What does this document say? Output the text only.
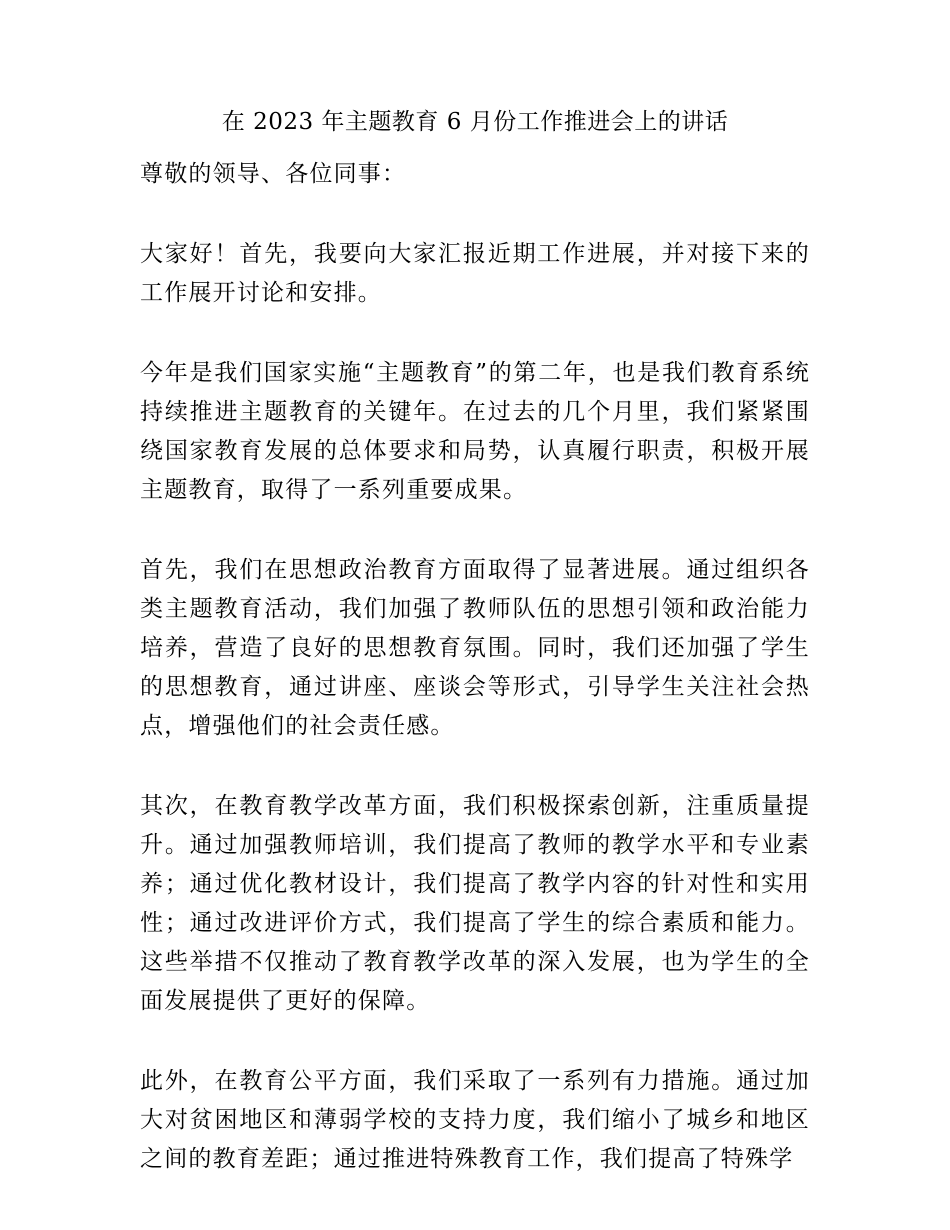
在 2023 年主题教育 6 月份工作推进会上的讲话

尊敬的领导、各位同事：

大家好！首先，我要向大家汇报近期工作进展，并对接下来的工作展开讨论和安排。

今年是我们国家实施“主题教育”的第二年，也是我们教育系统持续推进主题教育的关键年。在过去的几个月里，我们紧紧围绕国家教育发展的总体要求和局势，认真履行职责，积极开展主题教育，取得了一系列重要成果。

首先，我们在思想政治教育方面取得了显著进展。通过组织各类主题教育活动，我们加强了教师队伍的思想引领和政治能力培养，营造了良好的思想教育氛围。同时，我们还加强了学生的思想教育，通过讲座、座谈会等形式，引导学生关注社会热点，增强他们的社会责任感。

其次，在教育教学改革方面，我们积极探索创新，注重质量提升。通过加强教师培训，我们提高了教师的教学水平和专业素养；通过优化教材设计，我们提高了教学内容的针对性和实用性；通过改进评价方式，我们提高了学生的综合素质和能力。这些举措不仅推动了教育教学改革的深入发展，也为学生的全面发展提供了更好的保障。

此外，在教育公平方面，我们采取了一系列有力措施。通过加大对贫困地区和薄弱学校的支持力度，我们缩小了城乡和地区之间的教育差距；通过推进特殊教育工作，我们提高了特殊学
